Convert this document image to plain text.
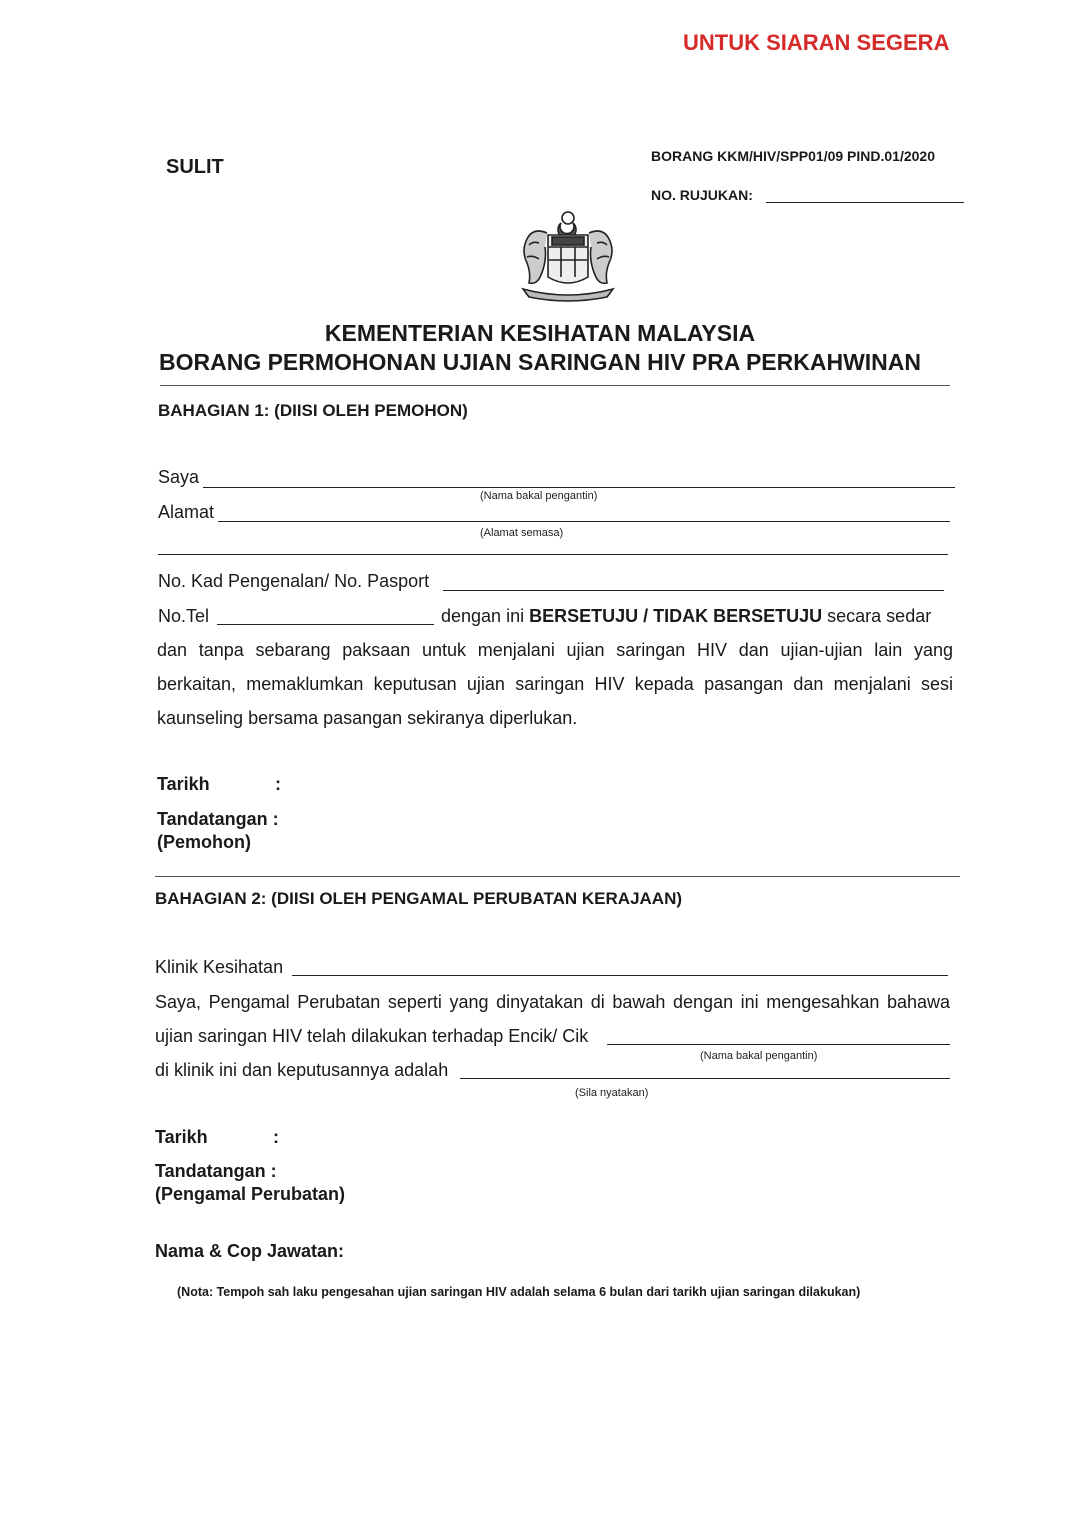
UNTUK SIARAN SEGERA
SULIT	BORANG KKM/HIV/SPP01/09 PIND.01/2020
NO. RUJUKAN:
KEMENTERIAN KESIHATAN MALAYSIA
BORANG PERMOHONAN UJIAN SARINGAN HIV PRA PERKAHWINAN
BAHAGIAN 1: (DIISI OLEH PEMOHON)
Saya
(Nama bakal pengantin)
Alamat
(Alamat semasa)
No. Kad Pengenalan/ No. Pasport
No.Tel	dengan ini BERSETUJU / TIDAK BERSETUJU secara sedar
dan tanpa sebarang paksaan untuk menjalani ujian saringan HIV dan ujian-ujian lain yang
berkaitan, memaklumkan keputusan ujian saringan HIV kepada pasangan dan menjalani sesi
kaunseling bersama pasangan sekiranya diperlukan.
Tarikh	:
Tandatangan :
(Pemohon)
BAHAGIAN 2: (DIISI OLEH PENGAMAL PERUBATAN KERAJAAN)
Klinik Kesihatan
Saya, Pengamal Perubatan seperti yang dinyatakan di bawah dengan ini mengesahkan bahawa
ujian saringan HIV telah dilakukan terhadap Encik/ Cik
(Nama bakal pengantin)
di klinik ini dan keputusannya adalah
(Sila nyatakan)
Tarikh	:
Tandatangan :
(Pengamal Perubatan)
Nama & Cop Jawatan:
(Nota: Tempoh sah laku pengesahan ujian saringan HIV adalah selama 6 bulan dari tarikh ujian saringan dilakukan)
